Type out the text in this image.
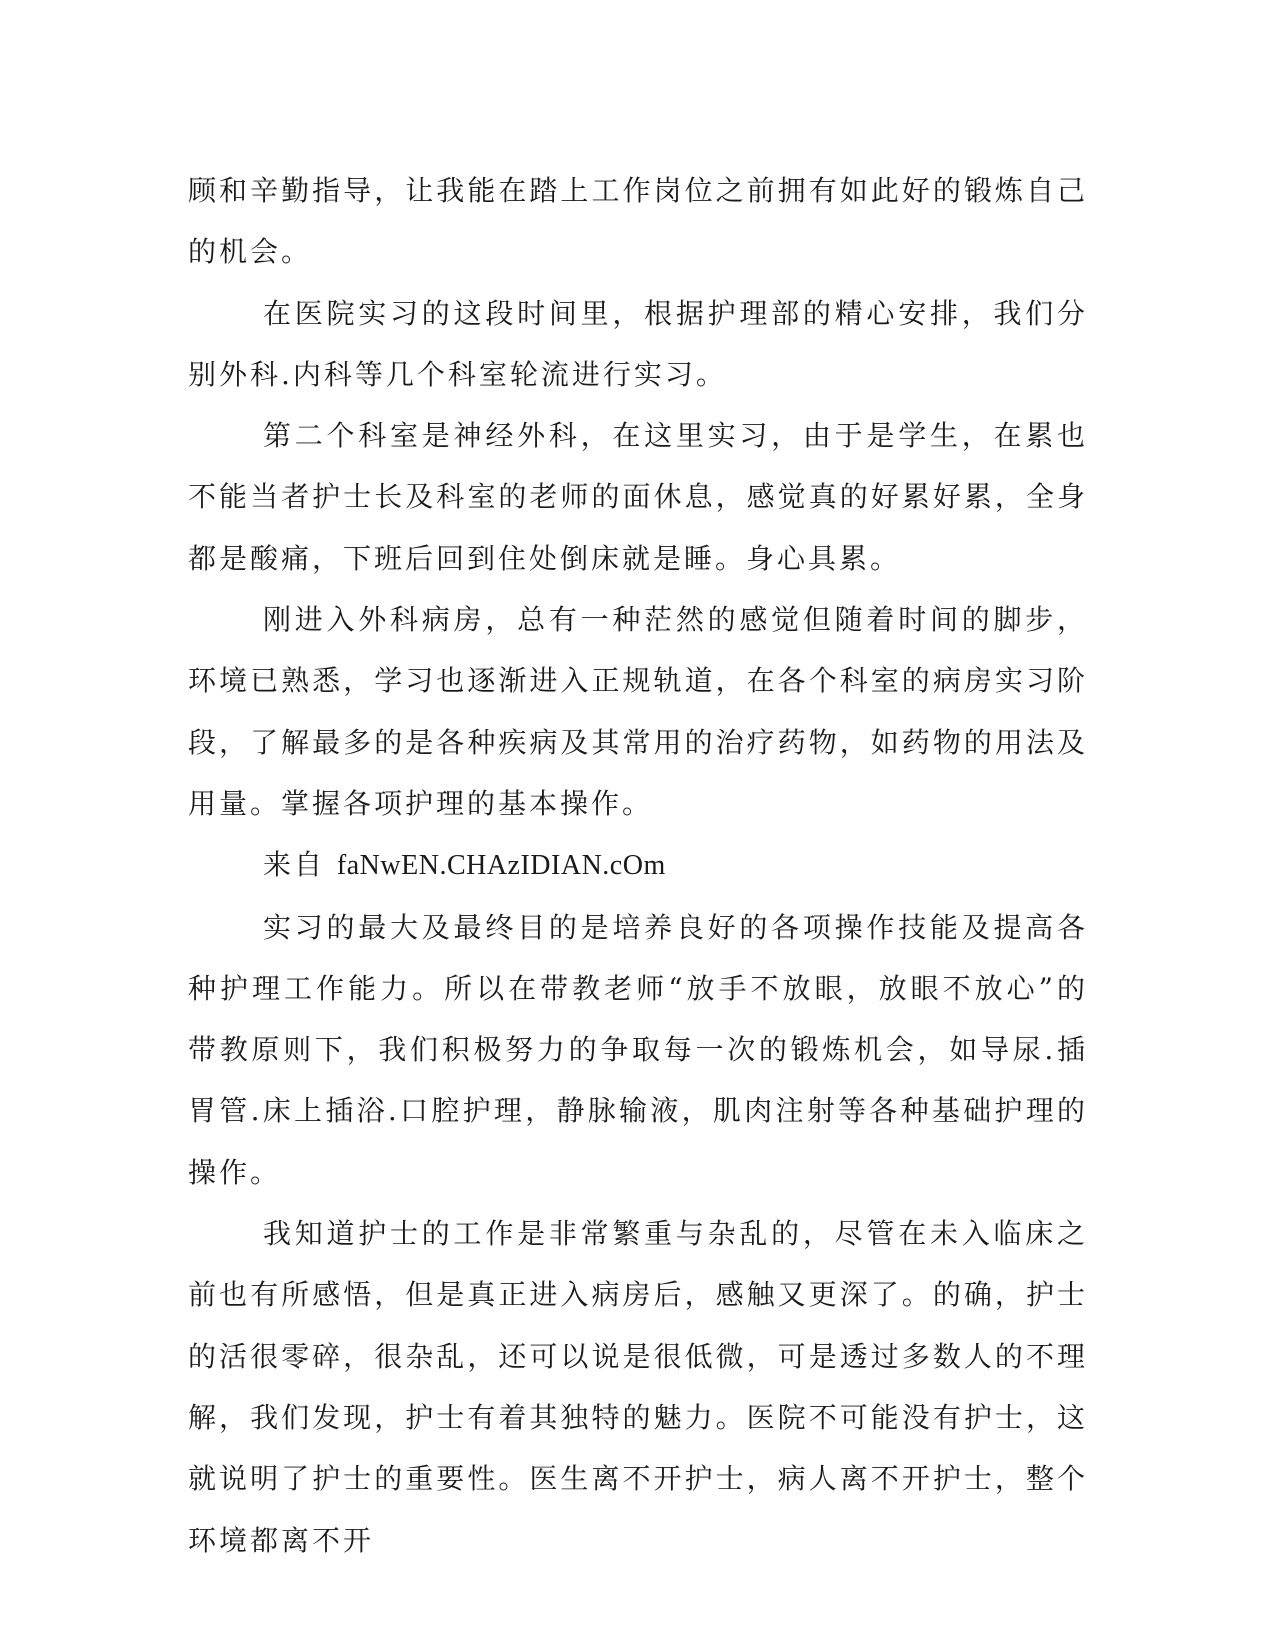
顾和辛勤指导，让我能在踏上工作岗位之前拥有如此好的锻炼自己的机会。

在医院实习的这段时间里，根据护理部的精心安排，我们分别外科.内科等几个科室轮流进行实习。

第二个科室是神经外科，在这里实习，由于是学生，在累也不能当者护士长及科室的老师的面休息，感觉真的好累好累，全身都是酸痛，下班后回到住处倒床就是睡。身心具累。

刚进入外科病房，总有一种茫然的感觉但随着时间的脚步，环境已熟悉，学习也逐渐进入正规轨道，在各个科室的病房实习阶段，了解最多的是各种疾病及其常用的治疗药物，如药物的用法及用量。掌握各项护理的基本操作。

来自 faNwEN.CHAzIDIAN.cOm

实习的最大及最终目的是培养良好的各项操作技能及提高各种护理工作能力。所以在带教老师“放手不放眼，放眼不放心”的带教原则下，我们积极努力的争取每一次的锻炼机会，如导尿.插胃管.床上插浴.口腔护理，静脉输液，肌肉注射等各种基础护理的操作。

我知道护士的工作是非常繁重与杂乱的，尽管在未入临床之前也有所感悟，但是真正进入病房后，感触又更深了。的确，护士的活很零碎，很杂乱，还可以说是很低微，可是透过多数人的不理解，我们发现，护士有着其独特的魅力。医院不可能没有护士，这就说明了护士的重要性。医生离不开护士，病人离不开护士，整个环境都离不开
